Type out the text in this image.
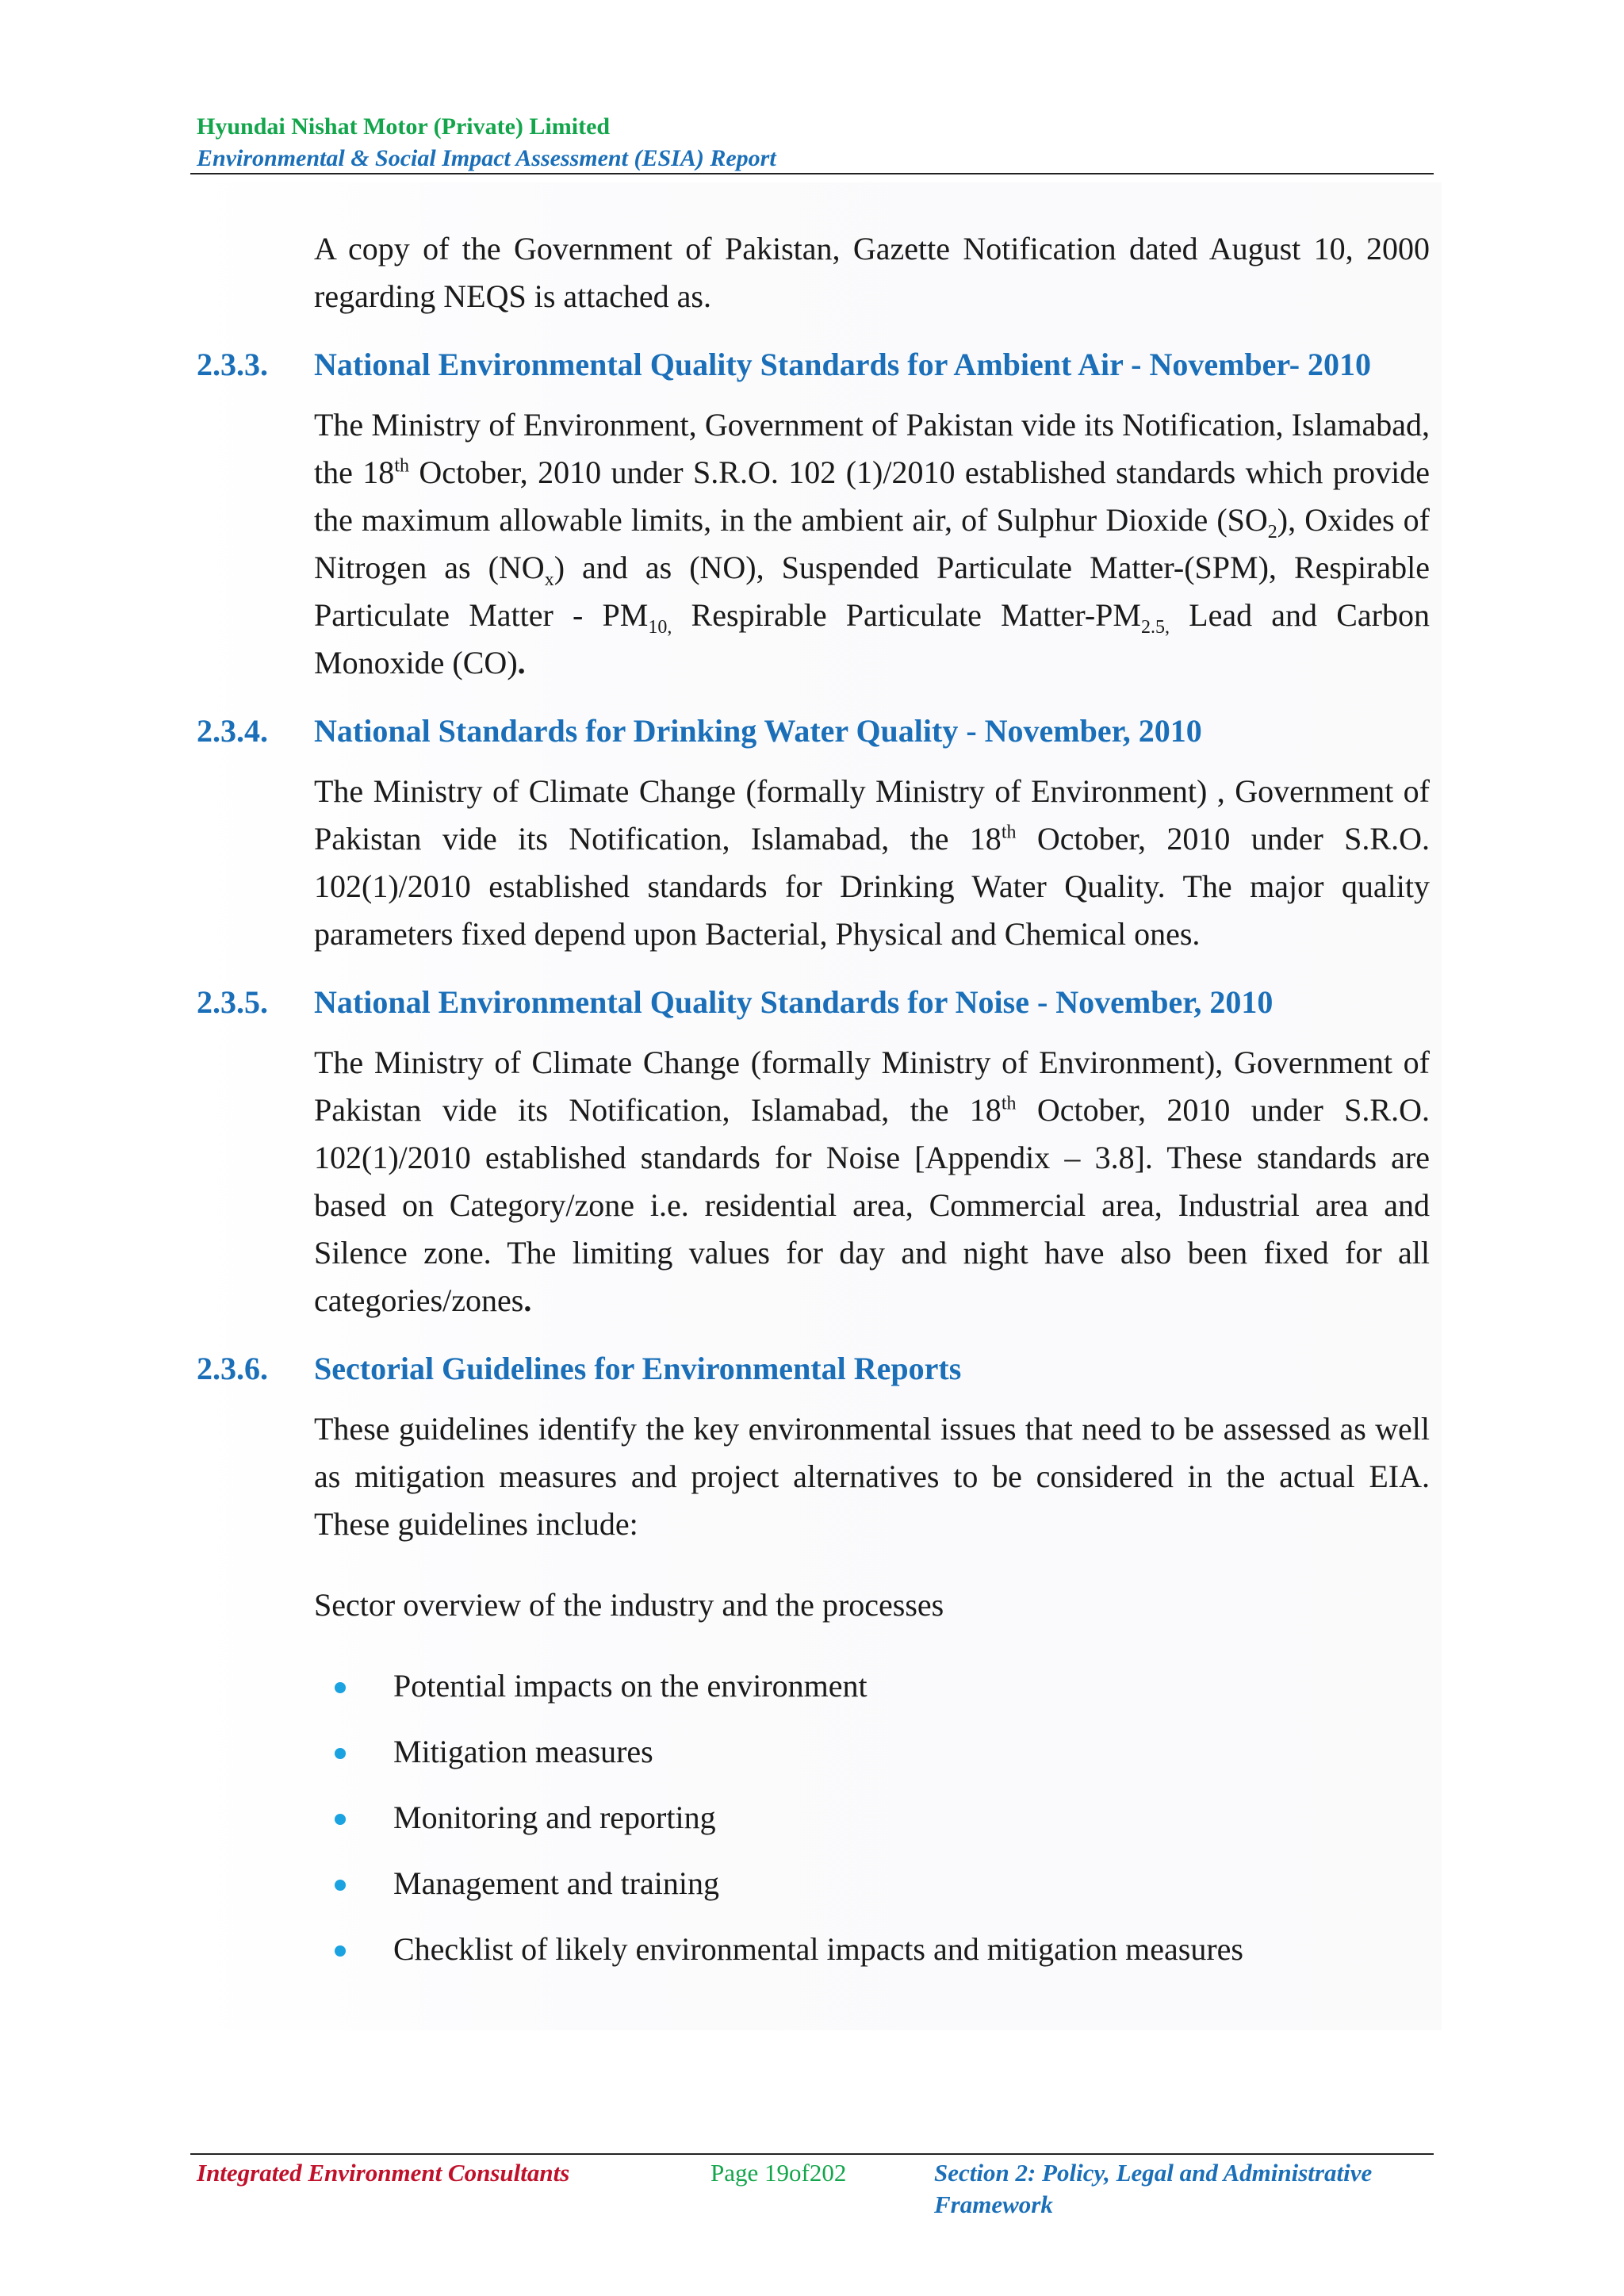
Hyundai Nishat Motor (Private) Limited
Environmental & Social Impact Assessment (ESIA) Report
A copy of the Government of Pakistan, Gazette Notification dated August 10, 2000 regarding NEQS is attached as.
2.3.3.	National Environmental Quality Standards for Ambient Air - November- 2010
The Ministry of Environment, Government of Pakistan vide its Notification, Islamabad, the 18th October, 2010 under S.R.O. 102 (1)/2010 established standards which provide the maximum allowable limits, in the ambient air, of Sulphur Dioxide $(SO_2)$, Oxides of Nitrogen as $(NO_x)$ and as (NO), Suspended Particulate Matter-(SPM), Respirable Particulate Matter - $PM_{10,}$ Respirable Particulate Matter-$PM_{2.5,}$ Lead and Carbon Monoxide (CO).
2.3.4.	National Standards for Drinking Water Quality - November, 2010
The Ministry of Climate Change (formally Ministry of Environment) , Government of Pakistan vide its Notification, Islamabad, the 18th October, 2010 under S.R.O. 102(1)/2010 established standards for Drinking Water Quality. The major quality parameters fixed depend upon Bacterial, Physical and Chemical ones.
2.3.5.	National Environmental Quality Standards for Noise - November, 2010
The Ministry of Climate Change (formally Ministry of Environment), Government of Pakistan vide its Notification, Islamabad, the 18th October, 2010 under S.R.O. 102(1)/2010 established standards for Noise [Appendix – 3.8]. These standards are based on Category/zone i.e. residential area, Commercial area, Industrial area and Silence zone. The limiting values for day and night have also been fixed for all categories/zones.
2.3.6.	Sectorial Guidelines for Environmental Reports
These guidelines identify the key environmental issues that need to be assessed as well as mitigation measures and project alternatives to be considered in the actual EIA. These guidelines include:
Sector overview of the industry and the processes
Potential impacts on the environment
Mitigation measures
Monitoring and reporting
Management and training
Checklist of likely environmental impacts and mitigation measures
Integrated Environment Consultants	Page 19of202	Section 2: Policy, Legal and Administrative Framework
